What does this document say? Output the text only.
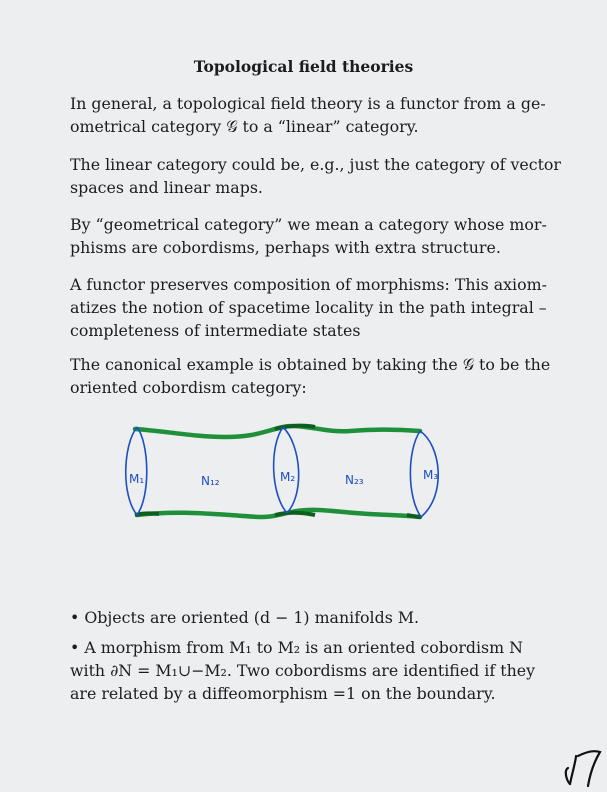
Topological field theories

In general, a topological field theory is a functor from a ge-
ometrical category 𝒢 to a “linear” category.

The linear category could be, e.g., just the category of vector
spaces and linear maps.

By “geometrical category” we mean a category whose mor-
phisms are cobordisms, perhaps with extra structure.

A functor preserves composition of morphisms: This axiom-
atizes the notion of spacetime locality in the path integral –
completeness of intermediate states

The canonical example is obtained by taking the 𝒢 to be the
oriented cobordism category:

M₁	N₁₂	M₂	N₂₃	M₃

• Objects are oriented (d − 1) manifolds M.

• A morphism from M₁ to M₂ is an oriented cobordism N
with ∂N = M₁∪−M₂. Two cobordisms are identified if they
are related by a diffeomorphism =1 on the boundary.

17
